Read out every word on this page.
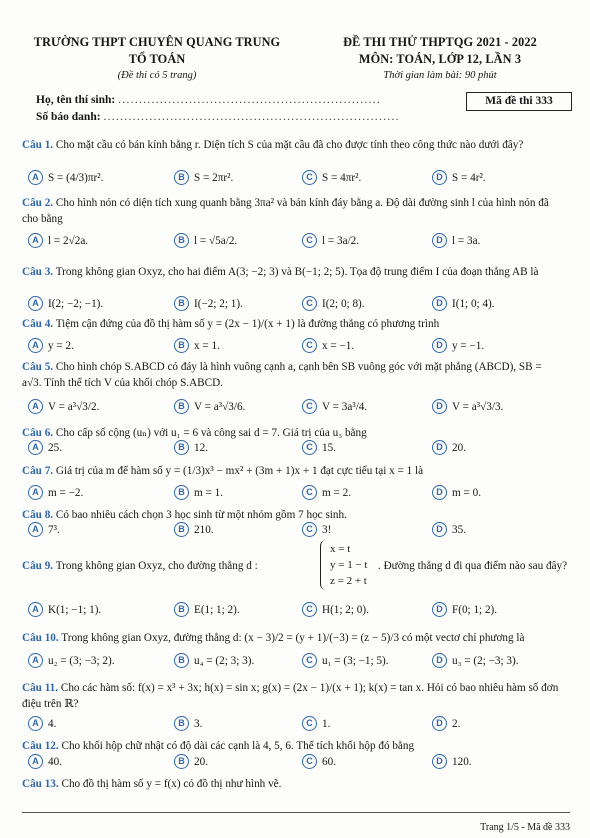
TRƯỜNG THPT CHUYÊN QUANG TRUNG
TỔ TOÁN
(Đề thi có 5 trang)
ĐỀ THI THỬ THPTQG 2021 - 2022
MÔN: TOÁN, LỚP 12, LẦN 3
Thời gian làm bài: 90 phút
Họ, tên thí sinh: ...............................................................
Số báo danh: .......................................................................
Mã đề thi 333
Câu 1. Cho mặt cầu có bán kính bằng r. Diện tích S của mặt cầu đã cho được tính theo công thức nào dưới đây?
A S = (4/3)πr².	B S = 2πr².	C S = 4πr².	D S = 4r².
Câu 2. Cho hình nón có diện tích xung quanh bằng 3πa² và bán kính đáy bằng a. Độ dài đường sinh l của hình nón đã cho bằng
A l = 2√2a.	B l = √5a/2.	C l = 3a/2.	D l = 3a.
Câu 3. Trong không gian Oxyz, cho hai điểm A(3; −2; 3) và B(−1; 2; 5). Tọa độ trung điểm I của đoạn thẳng AB là
A I(2; −2; −1).	B I(−2; 2; 1).	C I(2; 0; 8).	D I(1; 0; 4).
Câu 4. Tiệm cận đứng của đồ thị hàm số y = (2x − 1)/(x + 1) là đường thẳng có phương trình
A y = 2.	B x = 1.	C x = −1.	D y = −1.
Câu 5. Cho hình chóp S.ABCD có đáy là hình vuông cạnh a, cạnh bên SB vuông góc với mặt phẳng (ABCD), SB = a√3. Tính thể tích V của khối chóp S.ABCD.
A V = a³√3/2.	B V = a³√3/6.	C V = 3a³/4.	D V = a³√3/3.
Câu 6. Cho cấp số cộng (uₙ) với u₁ = 6 và công sai d = 7. Giá trị của u₃ bằng
A 25.	B 12.	C 15.	D 20.
Câu 7. Giá trị của m để hàm số y = (1/3)x³ − mx² + (3m + 1)x + 1 đạt cực tiểu tại x = 1 là
A m = −2.	B m = 1.	C m = 2.	D m = 0.
Câu 8. Có bao nhiêu cách chọn 3 học sinh từ một nhóm gồm 7 học sinh.
A 7³.	B 210.	C 3!	D 35.
Câu 9. Trong không gian Oxyz, cho đường thẳng d :
x = t
y = 1 − t
z = 2 + t
. Đường thẳng d đi qua điểm nào sau đây?
A K(1; −1; 1).	B E(1; 1; 2).	C H(1; 2; 0).	D F(0; 1; 2).
Câu 10. Trong không gian Oxyz, đường thẳng d: (x − 3)/2 = (y + 1)/(−3) = (z − 5)/3 có một vectơ chỉ phương là
A u₂ = (3; −3; 2).	B u₄ = (2; 3; 3).	C u₁ = (3; −1; 5).	D u₃ = (2; −3; 3).
Câu 11. Cho các hàm số: f(x) = x³ + 3x; h(x) = sin x; g(x) = (2x − 1)/(x + 1); k(x) = tan x. Hỏi có bao nhiêu hàm số đơn điệu trên ℝ?
A 4.	B 3.	C 1.	D 2.
Câu 12. Cho khối hộp chữ nhật có độ dài các cạnh là 4, 5, 6. Thể tích khối hộp đó bằng
A 40.	B 20.	C 60.	D 120.
Câu 13. Cho đồ thị hàm số y = f(x) có đồ thị như hình vẽ.
Trang 1/5 - Mã đề 333
